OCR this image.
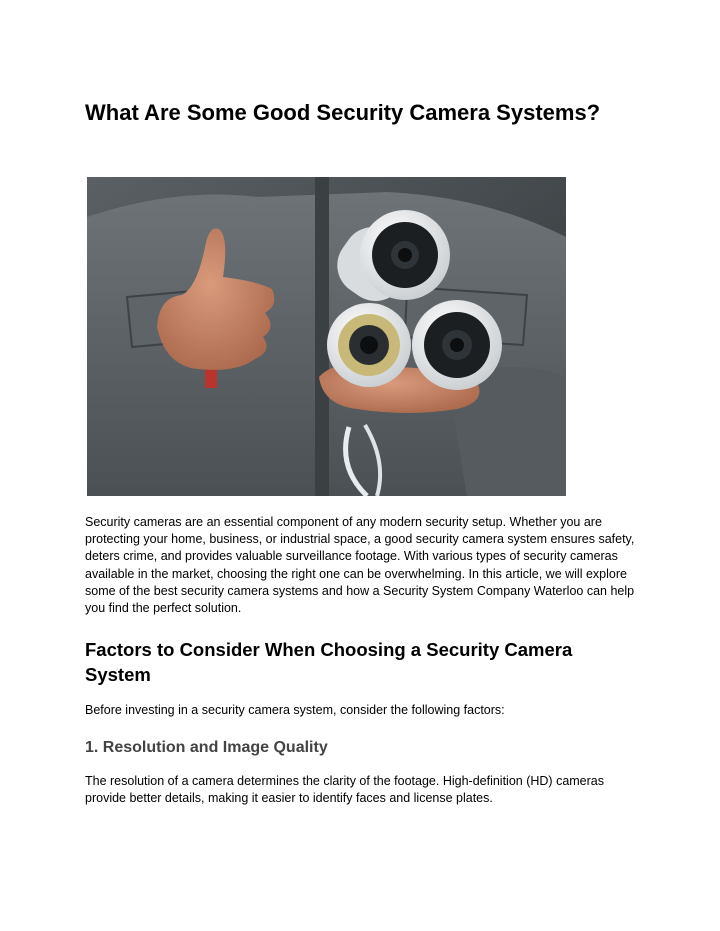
What Are Some Good Security Camera Systems?

Security cameras are an essential component of any modern security setup. Whether you are protecting your home, business, or industrial space, a good security camera system ensures safety, deters crime, and provides valuable surveillance footage. With various types of security cameras available in the market, choosing the right one can be overwhelming. In this article, we will explore some of the best security camera systems and how a Security System Company Waterloo can help you find the perfect solution.

Factors to Consider When Choosing a Security Camera System

Before investing in a security camera system, consider the following factors:

1. Resolution and Image Quality

The resolution of a camera determines the clarity of the footage. High-definition (HD) cameras provide better details, making it easier to identify faces and license plates.
